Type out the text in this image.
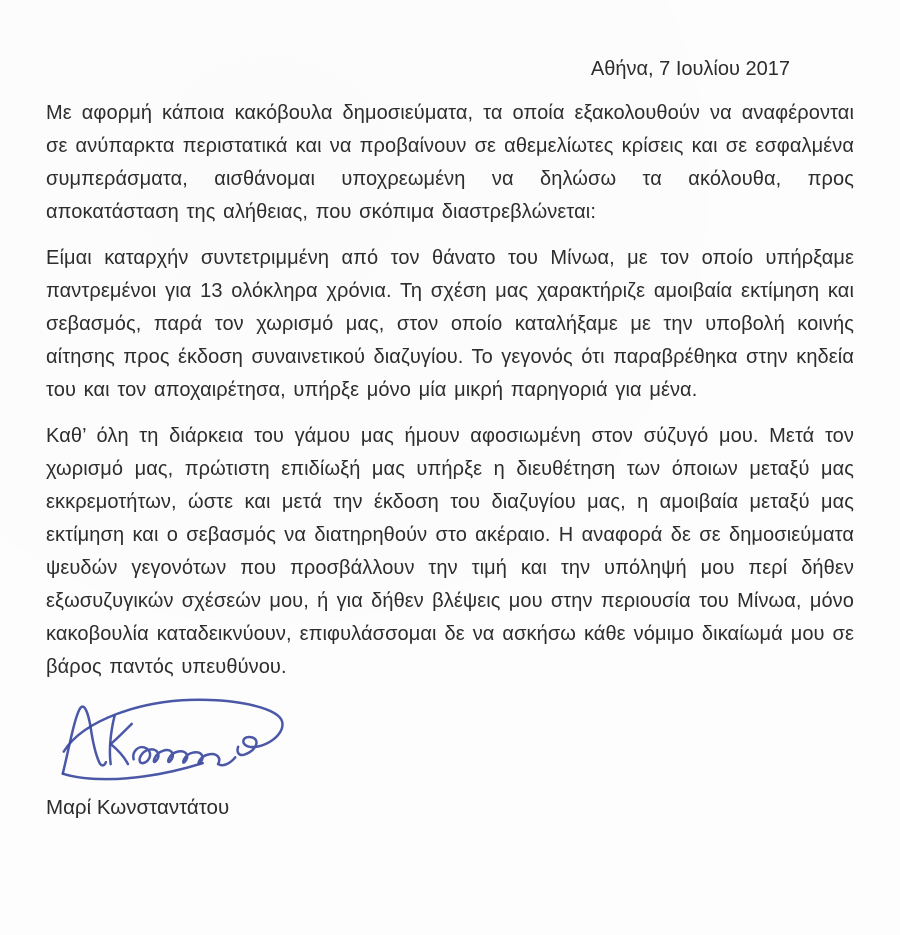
Αθήνα, 7 Ιουλίου 2017

Με αφορμή κάποια κακόβουλα δημοσιεύματα, τα οποία εξακολουθούν να αναφέρονται σε ανύπαρκτα περιστατικά και να προβαίνουν σε αθεμελίωτες κρίσεις και σε εσφαλμένα συμπεράσματα, αισθάνομαι υποχρεωμένη να δηλώσω τα ακόλουθα, προς αποκατάσταση της αλήθειας, που σκόπιμα διαστρεβλώνεται:

Είμαι καταρχήν συντετριμμένη από τον θάνατο του Μίνωα, με τον οποίο υπήρξαμε παντρεμένοι για 13 ολόκληρα χρόνια. Τη σχέση μας χαρακτήριζε αμοιβαία εκτίμηση και σεβασμός, παρά τον χωρισμό μας, στον οποίο καταλήξαμε με την υποβολή κοινής αίτησης προς έκδοση συναινετικού διαζυγίου. Το γεγονός ότι παραβρέθηκα στην κηδεία του και τον αποχαιρέτησα, υπήρξε μόνο μία μικρή παρηγοριά για μένα.

Καθ’ όλη τη διάρκεια του γάμου μας ήμουν αφοσιωμένη στον σύζυγό μου. Μετά τον χωρισμό μας, πρώτιστη επιδίωξή μας υπήρξε η διευθέτηση των όποιων μεταξύ μας εκκρεμοτήτων, ώστε και μετά την έκδοση του διαζυγίου μας, η αμοιβαία μεταξύ μας εκτίμηση και ο σεβασμός να διατηρηθούν στο ακέραιο. Η αναφορά δε σε δημοσιεύματα ψευδών γεγονότων που προσβάλλουν την τιμή και την υπόληψή μου περί δήθεν εξωσυζυγικών σχέσεών μου, ή για δήθεν βλέψεις μου στην περιουσία του Μίνωα, μόνο κακοβουλία καταδεικνύουν, επιφυλάσσομαι δε να ασκήσω κάθε νόμιμο δικαίωμά μου σε βάρος παντός υπευθύνου.

Μαρί Κωνσταντάτου
